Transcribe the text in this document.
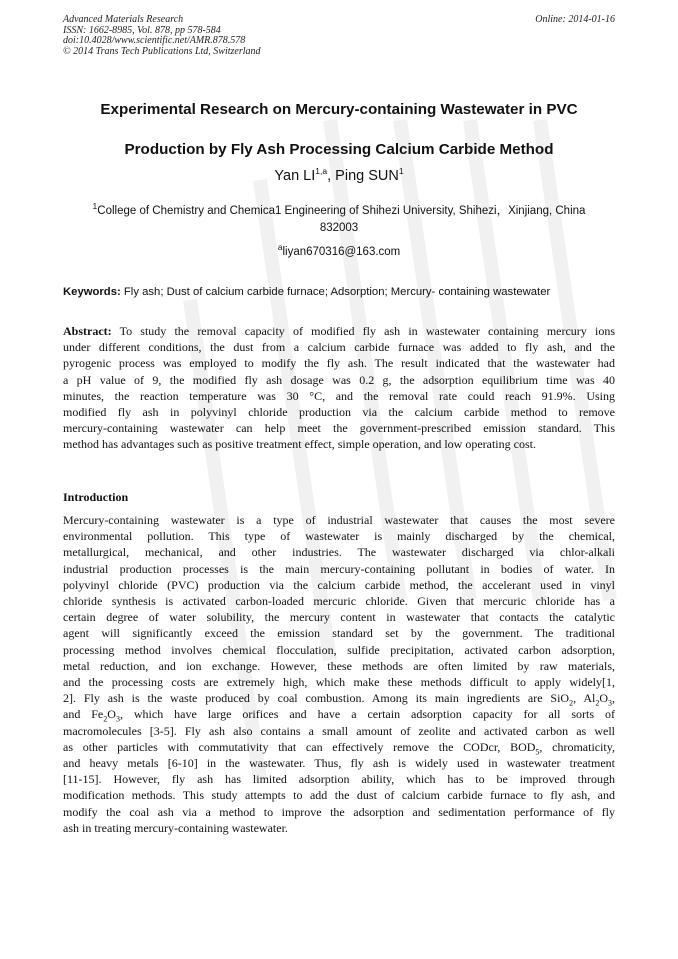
Advanced Materials Research
ISSN: 1662-8985, Vol. 878, pp 578-584
doi:10.4028/www.scientific.net/AMR.878.578
© 2014 Trans Tech Publications Ltd, Switzerland
Online: 2014-01-16
Experimental Research on Mercury-containing Wastewater in PVC
Production by Fly Ash Processing Calcium Carbide Method
Yan LI$^{1,a}$, Ping SUN$^1$
$^1$College of Chemistry and Chemica1 Engineering of Shihezi University, Shihezi，Xinjiang, China
832003
$^a$liyan670316@163.com
Keywords: Fly ash; Dust of calcium carbide furnace; Adsorption; Mercury- containing wastewater
Abstract: To study the removal capacity of modified fly ash in wastewater containing mercury ions
under different conditions, the dust from a calcium carbide furnace was added to fly ash, and the
pyrogenic process was employed to modify the fly ash. The result indicated that the wastewater had
a pH value of 9, the modified fly ash dosage was 0.2 g, the adsorption equilibrium time was 40
minutes, the reaction temperature was 30 °C, and the removal rate could reach 91.9%. Using
modified fly ash in polyvinyl chloride production via the calcium carbide method to remove
mercury-containing wastewater can help meet the government-prescribed emission standard. This
method has advantages such as positive treatment effect, simple operation, and low operating cost.
Introduction
Mercury-containing wastewater is a type of industrial wastewater that causes the most severe
environmental pollution. This type of wastewater is mainly discharged by the chemical,
metallurgical, mechanical, and other industries. The wastewater discharged via chlor-alkali
industrial production processes is the main mercury-containing pollutant in bodies of water. In
polyvinyl chloride (PVC) production via the calcium carbide method, the accelerant used in vinyl
chloride synthesis is activated carbon-loaded mercuric chloride. Given that mercuric chloride has a
certain degree of water solubility, the mercury content in wastewater that contacts the catalytic
agent will significantly exceed the emission standard set by the government. The traditional
processing method involves chemical flocculation, sulfide precipitation, activated carbon adsorption,
metal reduction, and ion exchange. However, these methods are often limited by raw materials,
and the processing costs are extremely high, which make these methods difficult to apply widely[1,
2]. Fly ash is the waste produced by coal combustion. Among its main ingredients are SiO$_2$, $Al_2O_3$,
and $Fe_2O_3$, which have large orifices and have a certain adsorption capacity for all sorts of
macromolecules [3-5]. Fly ash also contains a small amount of zeolite and activated carbon as well
as other particles with commutativity that can effectively remove the CODcr, $BOD_5$, chromaticity,
and heavy metals [6-10] in the wastewater. Thus, fly ash is widely used in wastewater treatment
[11-15]. However, fly ash has limited adsorption ability, which has to be improved through
modification methods. This study attempts to add the dust of calcium carbide furnace to fly ash, and
modify the coal ash via a method to improve the adsorption and sedimentation performance of fly
ash in treating mercury-containing wastewater.
